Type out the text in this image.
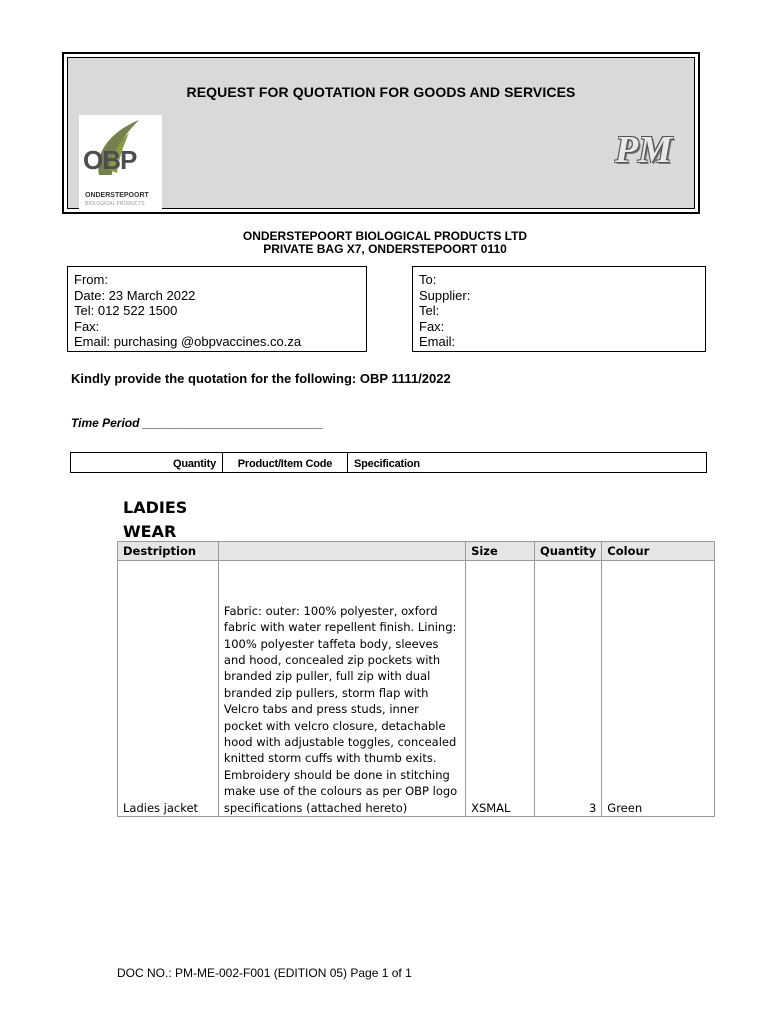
REQUEST FOR QUOTATION FOR GOODS AND SERVICES
OBP
ONDERSTEPOORT
BIOLOGICAL PRODUCTS
PM
ONDERSTEPOORT BIOLOGICAL PRODUCTS LTD
PRIVATE BAG X7, ONDERSTEPOORT 0110
From:
Date: 23 March 2022
Tel: 012 522 1500
Fax:
Email: purchasing @obpvaccines.co.za
To:
Supplier:
Tel:
Fax:
Email:
Kindly provide the quotation for the following: OBP 1111/2022
Time Period ___________________________
Quantity	Product/Item Code	Specification
LADIES
WEAR
Destription		Size	Quantity	Colour
Ladies jacket	Fabric: outer: 100% polyester, oxford fabric with water repellent finish. Lining: 100% polyester taffeta body, sleeves and hood, concealed zip pockets with branded zip puller, full zip with dual branded zip pullers, storm flap with Velcro tabs and press studs, inner pocket with velcro closure, detachable hood with adjustable toggles, concealed knitted storm cuffs with thumb exits. Embroidery should be done in stitching make use of the colours as per OBP logo specifications (attached hereto)	XSMAL	3	Green
DOC NO.: PM-ME-002-F001 (EDITION 05) Page 1 of 1
